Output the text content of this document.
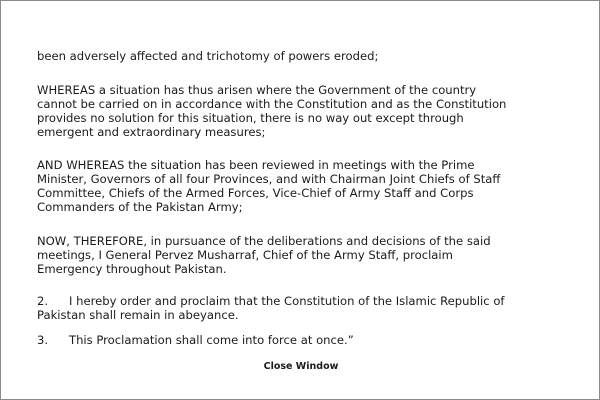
been adversely affected and trichotomy of powers eroded;
WHEREAS a situation has thus arisen where the Government of the country
cannot be carried on in accordance with the Constitution and as the Constitution
provides no solution for this situation, there is no way out except through
emergent and extraordinary measures;
AND WHEREAS the situation has been reviewed in meetings with the Prime
Minister, Governors of all four Provinces, and with Chairman Joint Chiefs of Staff
Committee, Chiefs of the Armed Forces, Vice-Chief of Army Staff and Corps
Commanders of the Pakistan Army;
NOW, THEREFORE, in pursuance of the deliberations and decisions of the said
meetings, I General Pervez Musharraf, Chief of the Army Staff, proclaim
Emergency throughout Pakistan.
2. I hereby order and proclaim that the Constitution of the Islamic Republic of
Pakistan shall remain in abeyance.
3. This Proclamation shall come into force at once.”
Close Window
